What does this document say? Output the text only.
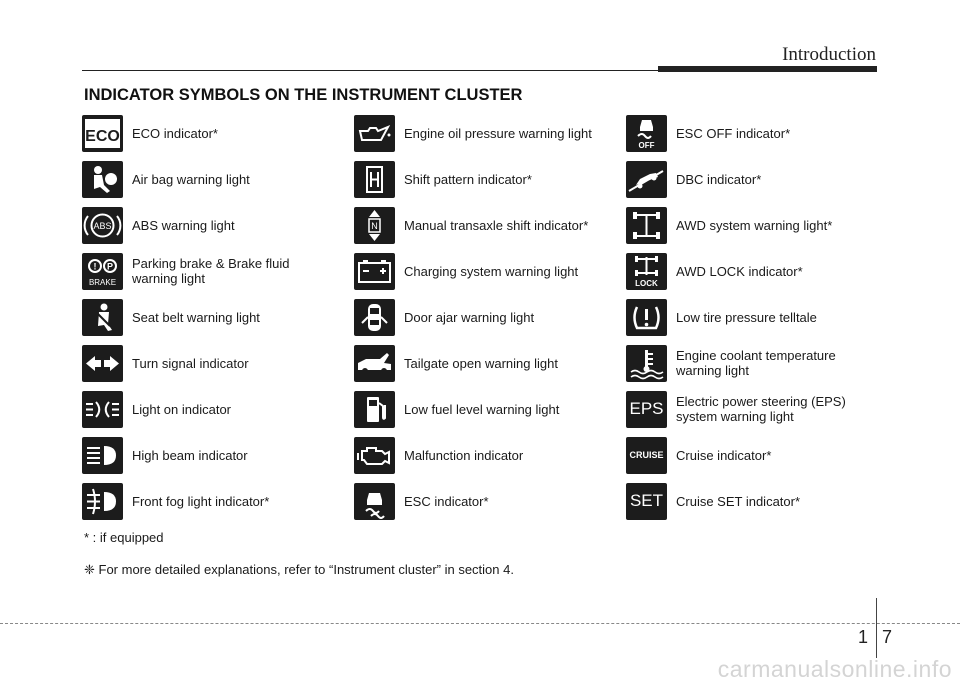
Introduction
INDICATOR SYMBOLS ON THE INSTRUMENT CLUSTER
ECO ECO indicator*
Air bag warning light
ABS ABS warning light
! P
BRAKE
Parking brake & Brake fluid
warning light
Seat belt warning light
Turn signal indicator
Light on indicator
High beam indicator
Front fog light indicator*
Engine oil pressure warning light
Shift pattern indicator*
N Manual transaxle shift indicator*
Charging system warning light
Door ajar warning light
Tailgate open warning light
Low fuel level warning light
Malfunction indicator
ESC indicator*
OFF
ESC OFF indicator*
DBC indicator*
AWD system warning light*
LOCK
AWD LOCK indicator*
Low tire pressure telltale
Engine coolant temperature
warning light
EPS Electric power steering (EPS)
system warning light
CRUISE Cruise indicator*
SET Cruise SET indicator*
* : if equipped
❈ For more detailed explanations, refer to “Instrument cluster” in section 4.
1 7
carmanualsonline.info
